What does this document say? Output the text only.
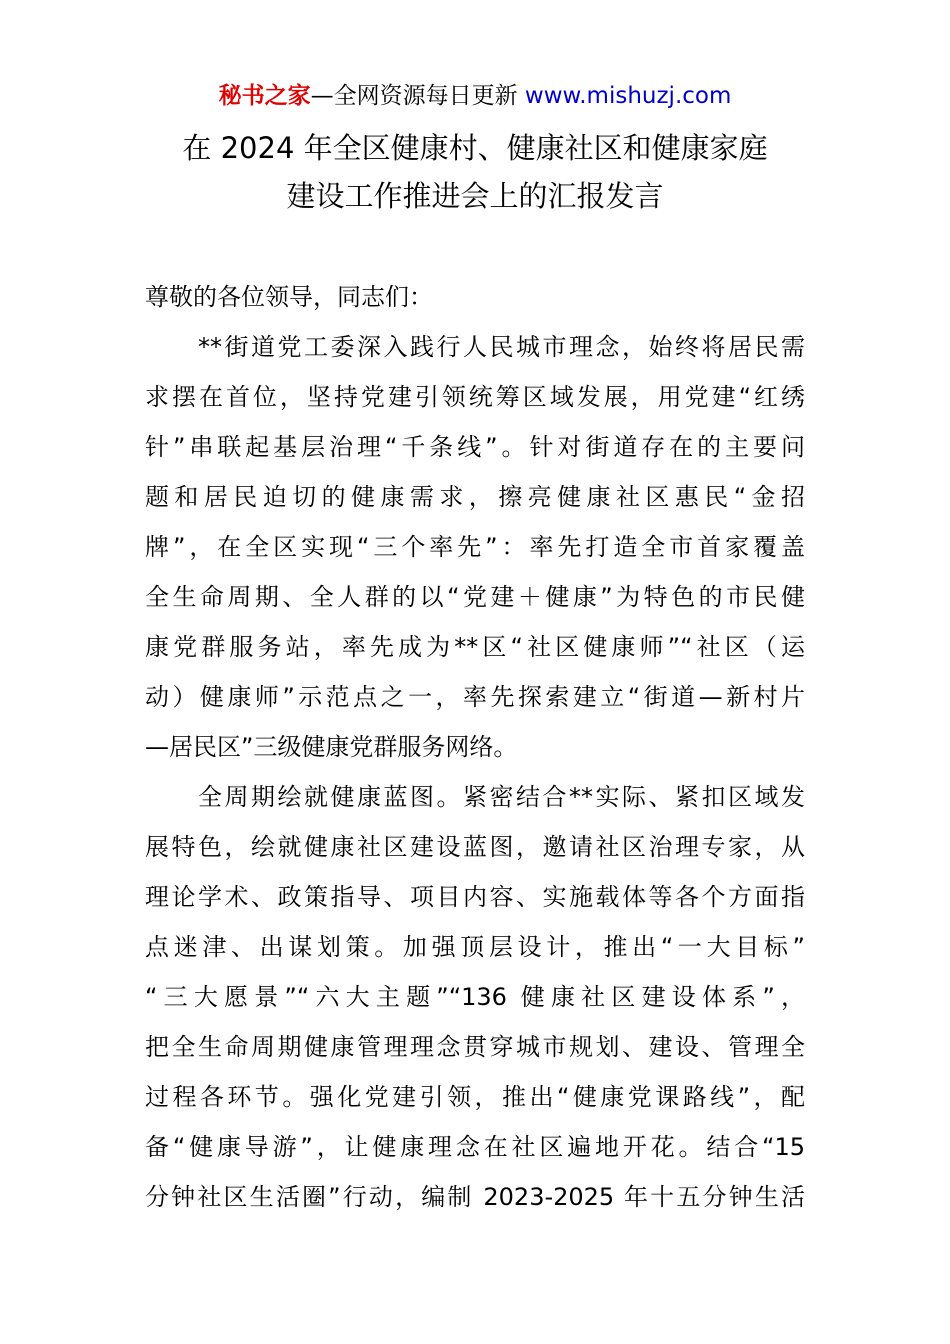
秘书之家—全网资源每日更新 www.mishuzj.com
在 2024 年全区健康村、健康社区和健康家庭
建设工作推进会上的汇报发言
尊敬的各位领导，同志们：
　　**街道党工委深入践行人民城市理念，始终将居民需
求摆在首位，坚持党建引领统筹区域发展，用党建“红绣
针”串联起基层治理“千条线”。针对街道存在的主要问
题和居民迫切的健康需求，擦亮健康社区惠民“金招
牌”，在全区实现“三个率先”：率先打造全市首家覆盖
全生命周期、全人群的以“党建＋健康”为特色的市民健
康党群服务站，率先成为**区“社区健康师”“社区（运
动）健康师”示范点之一，率先探索建立“街道—新村片
—居民区”三级健康党群服务网络。
　　全周期绘就健康蓝图。紧密结合**实际、紧扣区域发
展特色，绘就健康社区建设蓝图，邀请社区治理专家，从
理论学术、政策指导、项目内容、实施载体等各个方面指
点迷津、出谋划策。加强顶层设计，推出“一大目标”
“三大愿景”“六大主题”“136 健康社区建设体系”，
把全生命周期健康管理理念贯穿城市规划、建设、管理全
过程各环节。强化党建引领，推出“健康党课路线”，配
备“健康导游”，让健康理念在社区遍地开花。结合“15
分钟社区生活圈”行动，编制 2023-2025 年十五分钟生活
